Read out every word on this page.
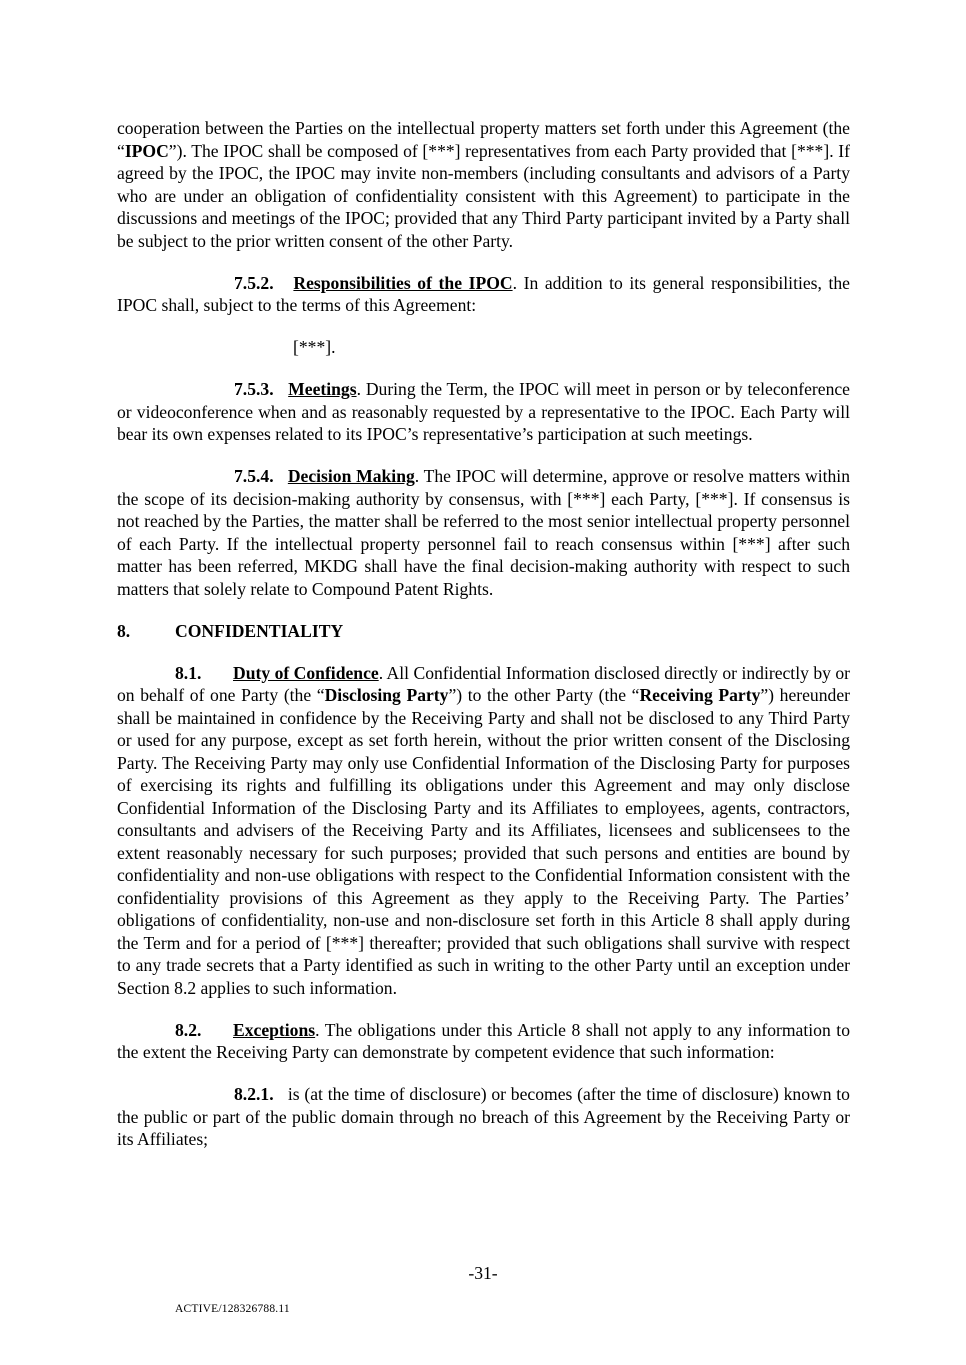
cooperation between the Parties on the intellectual property matters set forth under this Agreement (the “IPOC”). The IPOC shall be composed of [***] representatives from each Party provided that [***]. If agreed by the IPOC, the IPOC may invite non-members (including consultants and advisors of a Party who are under an obligation of confidentiality consistent with this Agreement) to participate in the discussions and meetings of the IPOC; provided that any Third Party participant invited by a Party shall be subject to the prior written consent of the other Party.

7.5.2. Responsibilities of the IPOC. In addition to its general responsibilities, the IPOC shall, subject to the terms of this Agreement:

[***].

7.5.3. Meetings. During the Term, the IPOC will meet in person or by teleconference or videoconference when and as reasonably requested by a representative to the IPOC. Each Party will bear its own expenses related to its IPOC’s representative’s participation at such meetings.

7.5.4. Decision Making. The IPOC will determine, approve or resolve matters within the scope of its decision-making authority by consensus, with [***] each Party, [***]. If consensus is not reached by the Parties, the matter shall be referred to the most senior intellectual property personnel of each Party. If the intellectual property personnel fail to reach consensus within [***] after such matter has been referred, MKDG shall have the final decision-making authority with respect to such matters that solely relate to Compound Patent Rights.

8.	CONFIDENTIALITY

8.1. Duty of Confidence. All Confidential Information disclosed directly or indirectly by or on behalf of one Party (the “Disclosing Party”) to the other Party (the “Receiving Party”) hereunder shall be maintained in confidence by the Receiving Party and shall not be disclosed to any Third Party or used for any purpose, except as set forth herein, without the prior written consent of the Disclosing Party. The Receiving Party may only use Confidential Information of the Disclosing Party for purposes of exercising its rights and fulfilling its obligations under this Agreement and may only disclose Confidential Information of the Disclosing Party and its Affiliates to employees, agents, contractors, consultants and advisers of the Receiving Party and its Affiliates, licensees and sublicensees to the extent reasonably necessary for such purposes; provided that such persons and entities are bound by confidentiality and non-use obligations with respect to the Confidential Information consistent with the confidentiality provisions of this Agreement as they apply to the Receiving Party. The Parties’ obligations of confidentiality, non-use and non-disclosure set forth in this Article 8 shall apply during the Term and for a period of [***] thereafter; provided that such obligations shall survive with respect to any trade secrets that a Party identified as such in writing to the other Party until an exception under Section 8.2 applies to such information.

8.2. Exceptions. The obligations under this Article 8 shall not apply to any information to the extent the Receiving Party can demonstrate by competent evidence that such information:

8.2.1. is (at the time of disclosure) or becomes (after the time of disclosure) known to the public or part of the public domain through no breach of this Agreement by the Receiving Party or its Affiliates;

-31-
ACTIVE/128326788.11
